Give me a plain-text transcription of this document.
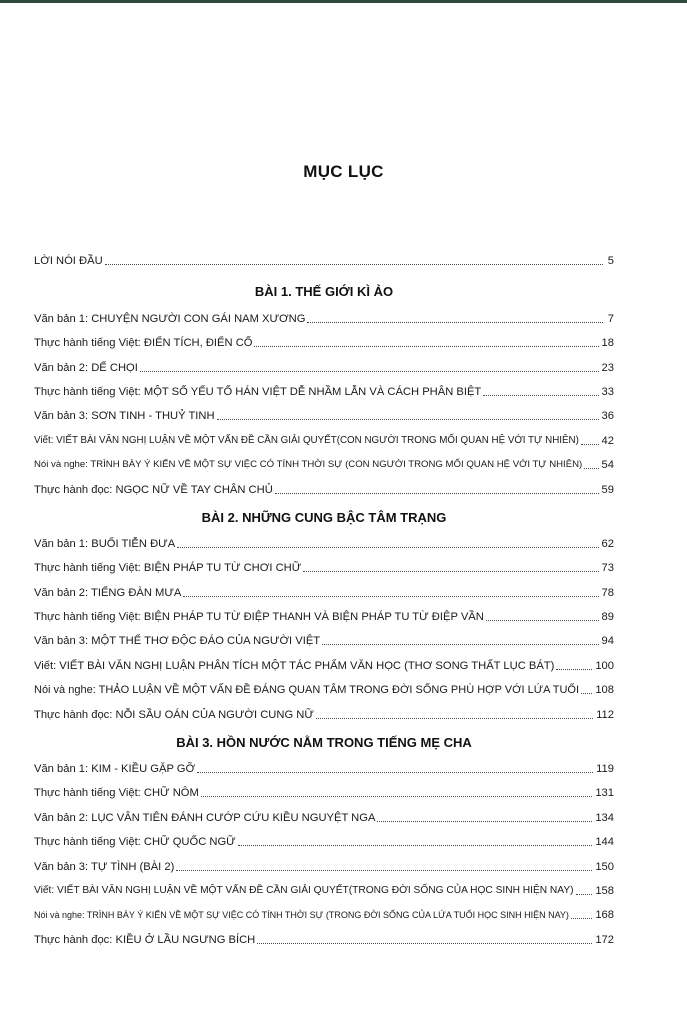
MỤC LỤC
LỜI NÓI ĐẦU	5
BÀI 1. THẾ GIỚI KÌ ẢO
Văn bản 1: CHUYỆN NGƯỜI CON GÁI NAM XƯƠNG	7
Thực hành tiếng Việt: ĐIỂN TÍCH, ĐIỂN CỐ	18
Văn bản 2: DẾ CHỌI	23
Thực hành tiếng Việt: MỘT SỐ YẾU TỐ HÁN VIỆT DỄ NHẦM LẪN VÀ CÁCH PHÂN BIỆT	33
Văn bản 3: SƠN TINH - THUỶ TINH	36
Viết: VIẾT BÀI VĂN NGHỊ LUẬN VỀ MỘT VẤN ĐỀ CẦN GIẢI QUYẾT(CON NGƯỜI TRONG MỐI QUAN HỆ VỚI TỰ NHIÊN) 42
Nói và nghe: TRÌNH BÀY Ý KIẾN VỀ MỘT SỰ VIỆC CÓ TÍNH THỜI SỰ (CON NGƯỜI TRONG MỐI QUAN HỆ VỚI TỰ NHIÊN) 54
Thực hành đọc: NGỌC NỮ VỀ TAY CHÂN CHỦ	59
BÀI 2. NHỮNG CUNG BẬC TÂM TRẠNG
Văn bản 1: BUỔI TIỄN ĐƯA	62
Thực hành tiếng Việt: BIỆN PHÁP TU TỪ CHƠI CHỮ	73
Văn bản 2: TIẾNG ĐÀN MƯA	78
Thực hành tiếng Việt: BIỆN PHÁP TU TỪ ĐIỆP THANH VÀ BIỆN PHÁP TU TỪ ĐIỆP VẦN	89
Văn bản 3: MỘT THỂ THƠ ĐỘC ĐÁO CỦA NGƯỜI VIỆT	94
Viết: VIẾT BÀI VĂN NGHỊ LUẬN PHÂN TÍCH MỘT TÁC PHẨM VĂN HỌC (THƠ SONG THẤT LỤC BÁT)	100
Nói và nghe: THẢO LUẬN VỀ MỘT VẤN ĐỀ ĐÁNG QUAN TÂM TRONG ĐỜI SỐNG PHÙ HỢP VỚI LỨA TUỔI 108
Thực hành đọc: NỖI SẦU OÁN CỦA NGƯỜI CUNG NỮ	112
BÀI 3. HỒN NƯỚC NẰM TRONG TIẾNG MẸ CHA
Văn bản 1: KIM - KIỀU GẶP GỠ	119
Thực hành tiếng Việt: CHỮ NÔM	131
Văn bản 2: LỤC VÂN TIÊN ĐÁNH CƯỚP CỨU KIỀU NGUYỆT NGA	134
Thực hành tiếng Việt: CHỮ QUỐC NGỮ	144
Văn bản 3: TỰ TÌNH (BÀI 2)	150
Viết: VIẾT BÀI VĂN NGHỊ LUẬN VỀ MỘT VẤN ĐỀ CẦN GIẢI QUYẾT(TRONG ĐỜI SỐNG CỦA HỌC SINH HIỆN NAY) 158
Nói và nghe: TRÌNH BÀY Ý KIẾN VỀ MỘT SỰ VIỆC CÓ TÍNH THỜI SỰ (TRONG ĐỜI SỐNG CỦA LỨA TUỔI HỌC SINH HIỆN NAY) 168
Thực hành đọc: KIỀU Ở LẦU NGƯNG BÍCH	172
